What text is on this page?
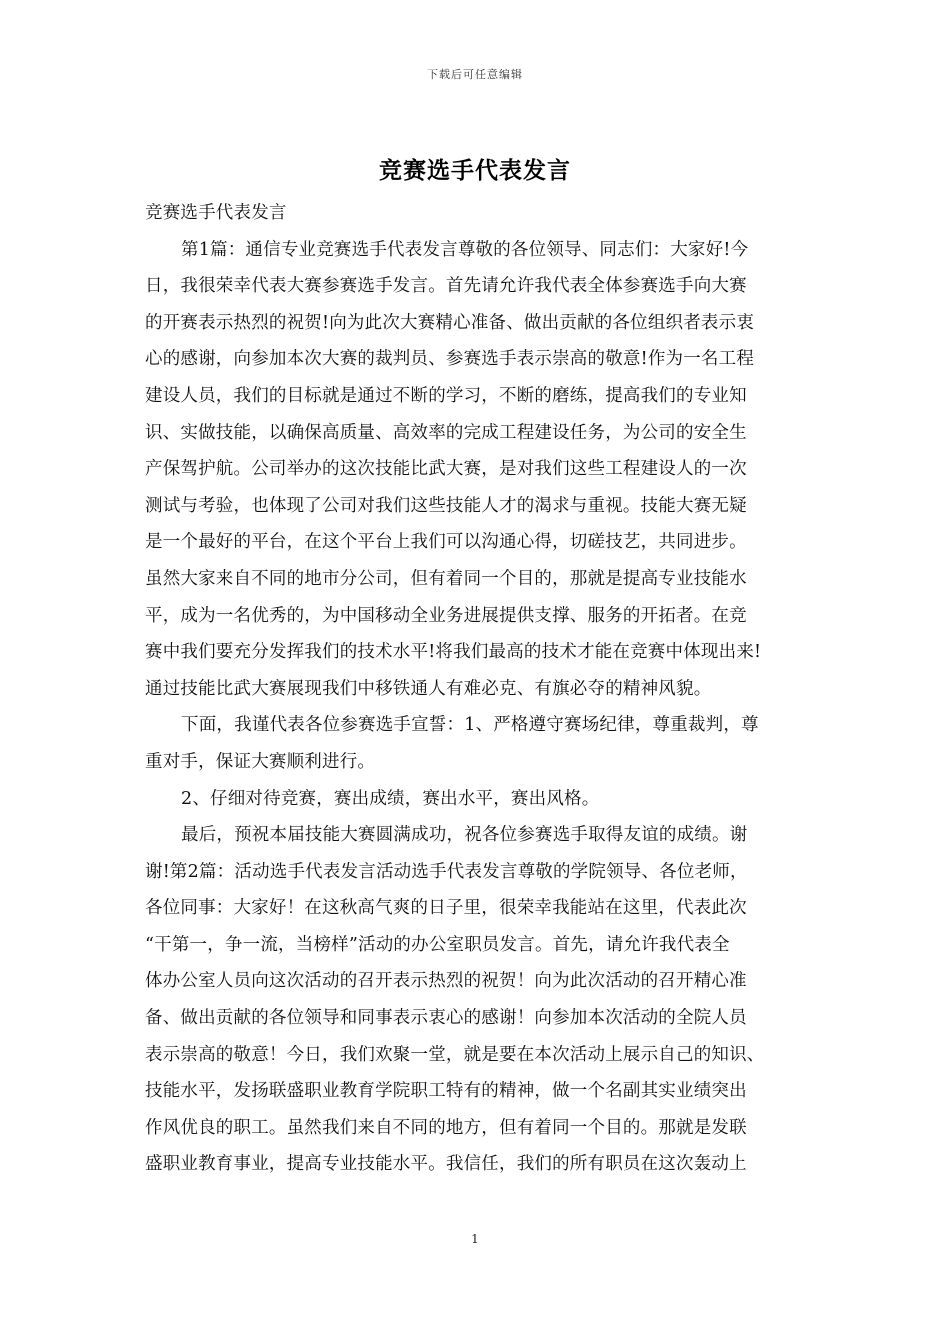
下载后可任意编辑
竞赛选手代表发言
竞赛选手代表发言
第1篇：通信专业竞赛选手代表发言尊敬的各位领导、同志们：大家好!今
日，我很荣幸代表大赛参赛选手发言。首先请允许我代表全体参赛选手向大赛
的开赛表示热烈的祝贺!向为此次大赛精心准备、做出贡献的各位组织者表示衷
心的感谢，向参加本次大赛的裁判员、参赛选手表示崇高的敬意!作为一名工程
建设人员，我们的目标就是通过不断的学习，不断的磨练，提高我们的专业知
识、实做技能，以确保高质量、高效率的完成工程建设任务，为公司的安全生
产保驾护航。公司举办的这次技能比武大赛，是对我们这些工程建设人的一次
测试与考验，也体现了公司对我们这些技能人才的渴求与重视。技能大赛无疑
是一个最好的平台，在这个平台上我们可以沟通心得，切磋技艺，共同进步。
虽然大家来自不同的地市分公司，但有着同一个目的，那就是提高专业技能水
平，成为一名优秀的，为中国移动全业务进展提供支撑、服务的开拓者。在竞
赛中我们要充分发挥我们的技术水平!将我们最高的技术才能在竞赛中体现出来!
通过技能比武大赛展现我们中移铁通人有难必克、有旗必夺的精神风貌。
下面，我谨代表各位参赛选手宣誓：1、严格遵守赛场纪律，尊重裁判，尊
重对手，保证大赛顺利进行。
2、仔细对待竞赛，赛出成绩，赛出水平，赛出风格。
最后，预祝本届技能大赛圆满成功，祝各位参赛选手取得友谊的成绩。谢
谢!第2篇：活动选手代表发言活动选手代表发言尊敬的学院领导、各位老师，
各位同事：大家好！在这秋高气爽的日子里，很荣幸我能站在这里，代表此次
“干第一，争一流，当榜样”活动的办公室职员发言。首先，请允许我代表全
体办公室人员向这次活动的召开表示热烈的祝贺！向为此次活动的召开精心准
备、做出贡献的各位领导和同事表示衷心的感谢！向参加本次活动的全院人员
表示崇高的敬意！今日，我们欢聚一堂，就是要在本次活动上展示自己的知识、
技能水平，发扬联盛职业教育学院职工特有的精神，做一个名副其实业绩突出
作风优良的职工。虽然我们来自不同的地方，但有着同一个目的。那就是发联
盛职业教育事业，提高专业技能水平。我信任，我们的所有职员在这次轰动上
1
